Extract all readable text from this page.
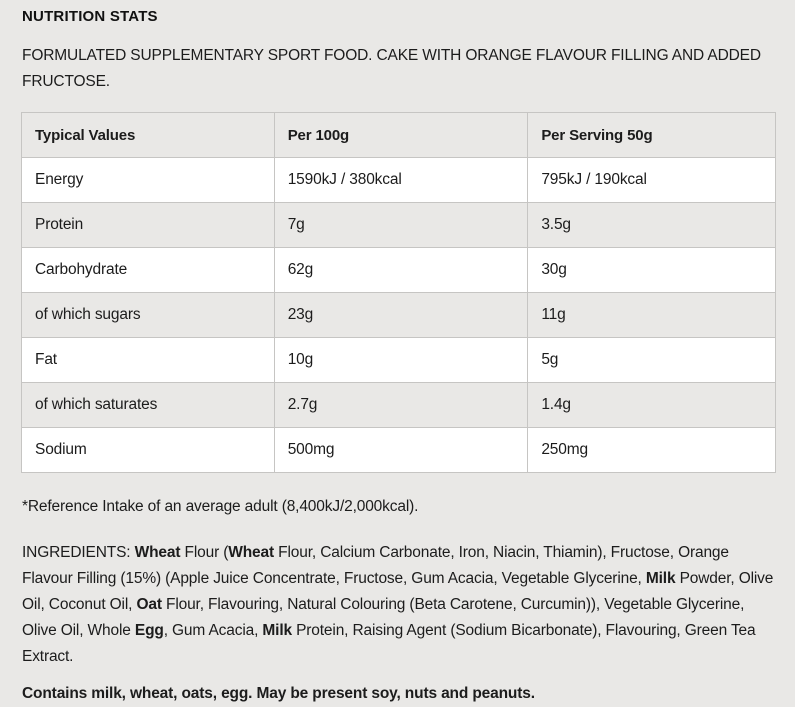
NUTRITION STATS

FORMULATED SUPPLEMENTARY SPORT FOOD. CAKE WITH ORANGE FLAVOUR FILLING AND ADDED FRUCTOSE.

Typical Values	Per 100g	Per Serving 50g
Energy	1590kJ / 380kcal	795kJ / 190kcal
Protein	7g	3.5g
Carbohydrate	62g	30g
of which sugars	23g	11g
Fat	10g	5g
of which saturates	2.7g	1.4g
Sodium	500mg	250mg

*Reference Intake of an average adult (8,400kJ/2,000kcal).

INGREDIENTS: Wheat Flour (Wheat Flour, Calcium Carbonate, Iron, Niacin, Thiamin), Fructose, Orange Flavour Filling (15%) (Apple Juice Concentrate, Fructose, Gum Acacia, Vegetable Glycerine, Milk Powder, Olive Oil, Coconut Oil, Oat Flour, Flavouring, Natural Colouring (Beta Carotene, Curcumin)), Vegetable Glycerine, Olive Oil, Whole Egg, Gum Acacia, Milk Protein, Raising Agent (Sodium Bicarbonate), Flavouring, Green Tea Extract.

Contains milk, wheat, oats, egg. May be present soy, nuts and peanuts.
